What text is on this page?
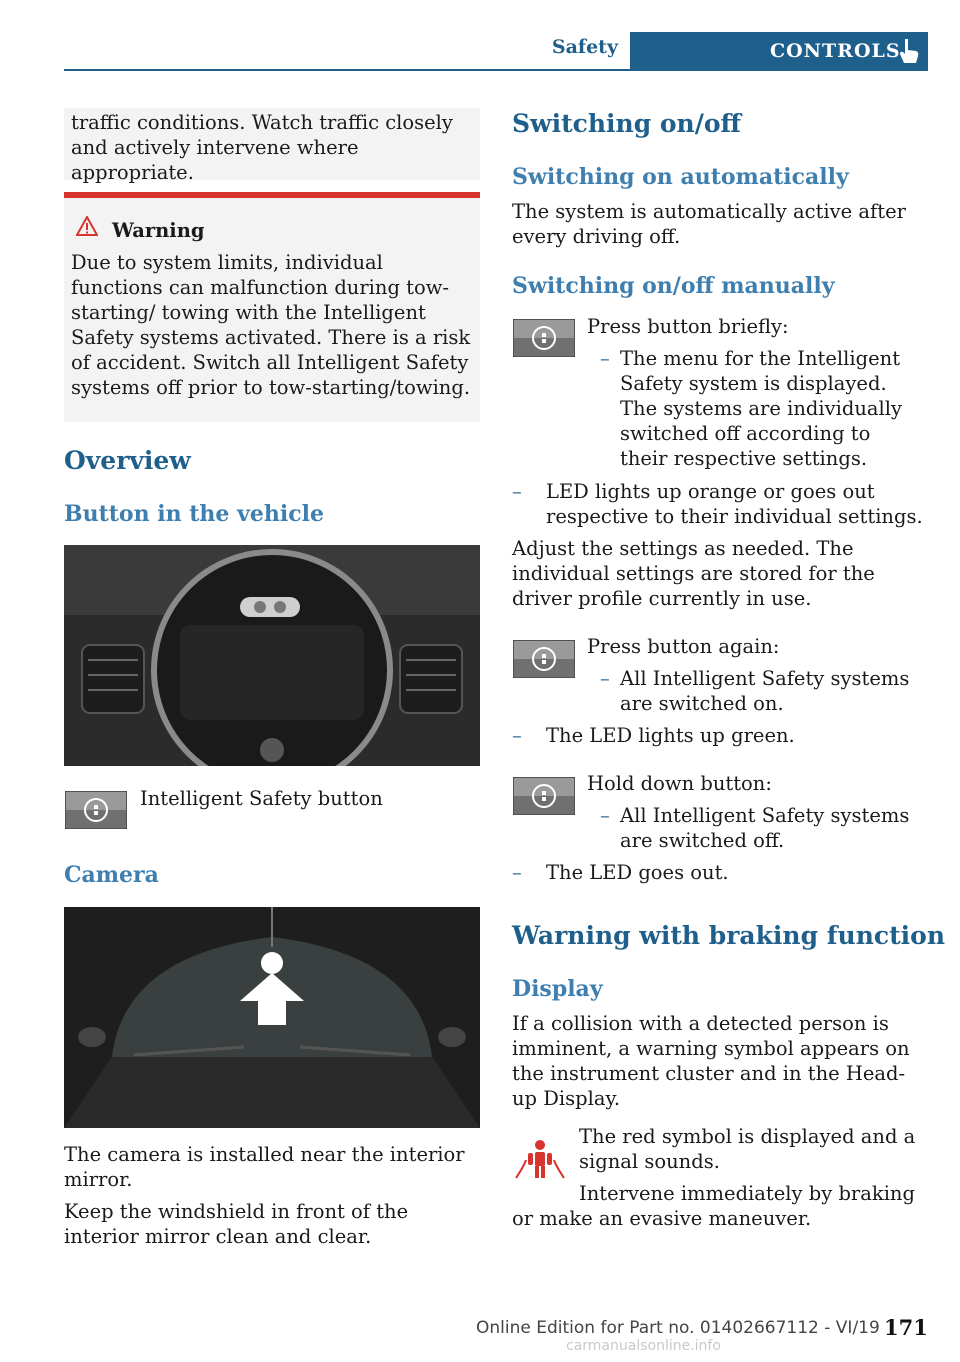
Safety	CONTROLS

traffic conditions. Watch traffic closely and actively intervene where appropriate.

Warning

Due to system limits, individual functions can malfunction during tow-starting/ towing with the Intelligent Safety systems activated. There is a risk of accident. Switch all Intelligent Safety systems off prior to tow-starting/towing.

Overview
Button in the vehicle

Intelligent Safety button

Camera

The camera is installed near the interior mirror.

Keep the windshield in front of the interior mirror clean and clear.

Switching on/off
Switching on automatically

The system is automatically active after every driving off.

Switching on/off manually

Press button briefly:

– The menu for the Intelligent Safety system is displayed. The systems are individually switched off according to their respective settings.

–	LED lights up orange or goes out respective to their individual settings.

Adjust the settings as needed. The individual settings are stored for the driver profile currently in use.

Press button again:

– All Intelligent Safety systems are switched on.

–	The LED lights up green.

Hold down button:

– All Intelligent Safety systems are switched off.

–	The LED goes out.

Warning with braking function
Display

If a collision with a detected person is imminent, a warning symbol appears on the instrument cluster and in the Head-up Display.

The red symbol is displayed and a signal sounds.

Intervene immediately by braking or make an evasive maneuver.

171
Online Edition for Part no. 01402667112 - VI/19
carmanualsonline.info
